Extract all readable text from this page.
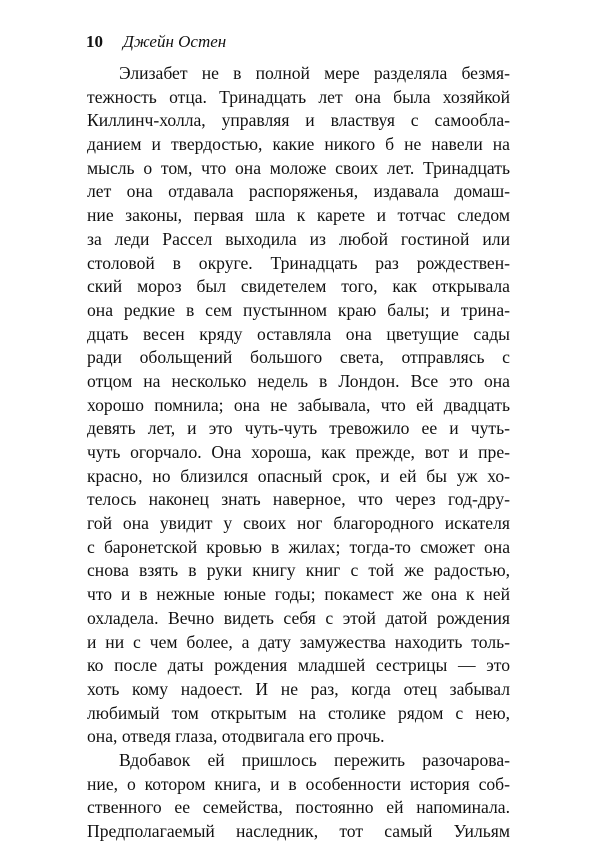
10 Джейн Остен
Элизабет не в полной мере разделяла безмя-
тежность отца. Тринадцать лет она была хозяйкой
Киллинч-холла, управляя и властвуя с самообла-
данием и твердостью, какие никого б не навели на
мысль о том, что она моложе своих лет. Тринадцать
лет она отдавала распоряженья, издавала домаш-
ние законы, первая шла к карете и тотчас следом
за леди Рассел выходила из любой гостиной или
столовой в округе. Тринадцать раз рождествен-
ский мороз был свидетелем того, как открывала
она редкие в сем пустынном краю балы; и трина-
дцать весен кряду оставляла она цветущие сады
ради обольщений большого света, отправлясь с
отцом на несколько недель в Лондон. Все это она
хорошо помнила; она не забывала, что ей двадцать
девять лет, и это чуть-чуть тревожило ее и чуть-
чуть огорчало. Она хороша, как прежде, вот и пре-
красно, но близился опасный срок, и ей бы уж хо-
телось наконец знать наверное, что через год-дру-
гой она увидит у своих ног благородного искателя
с баронетской кровью в жилах; тогда-то сможет она
снова взять в руки книгу книг с той же радостью,
что и в нежные юные годы; покамест же она к ней
охладела. Вечно видеть себя с этой датой рождения
и ни с чем более, а дату замужества находить толь-
ко после даты рождения младшей сестрицы — это
хоть кому надоест. И не раз, когда отец забывал
любимый том открытым на столике рядом с нею,
она, отведя глаза, отодвигала его прочь.
Вдобавок ей пришлось пережить разочарова-
ние, о котором книга, и в особенности история соб-
ственного ее семейства, постоянно ей напоминала.
Предполагаемый наследник, тот самый Уильям
